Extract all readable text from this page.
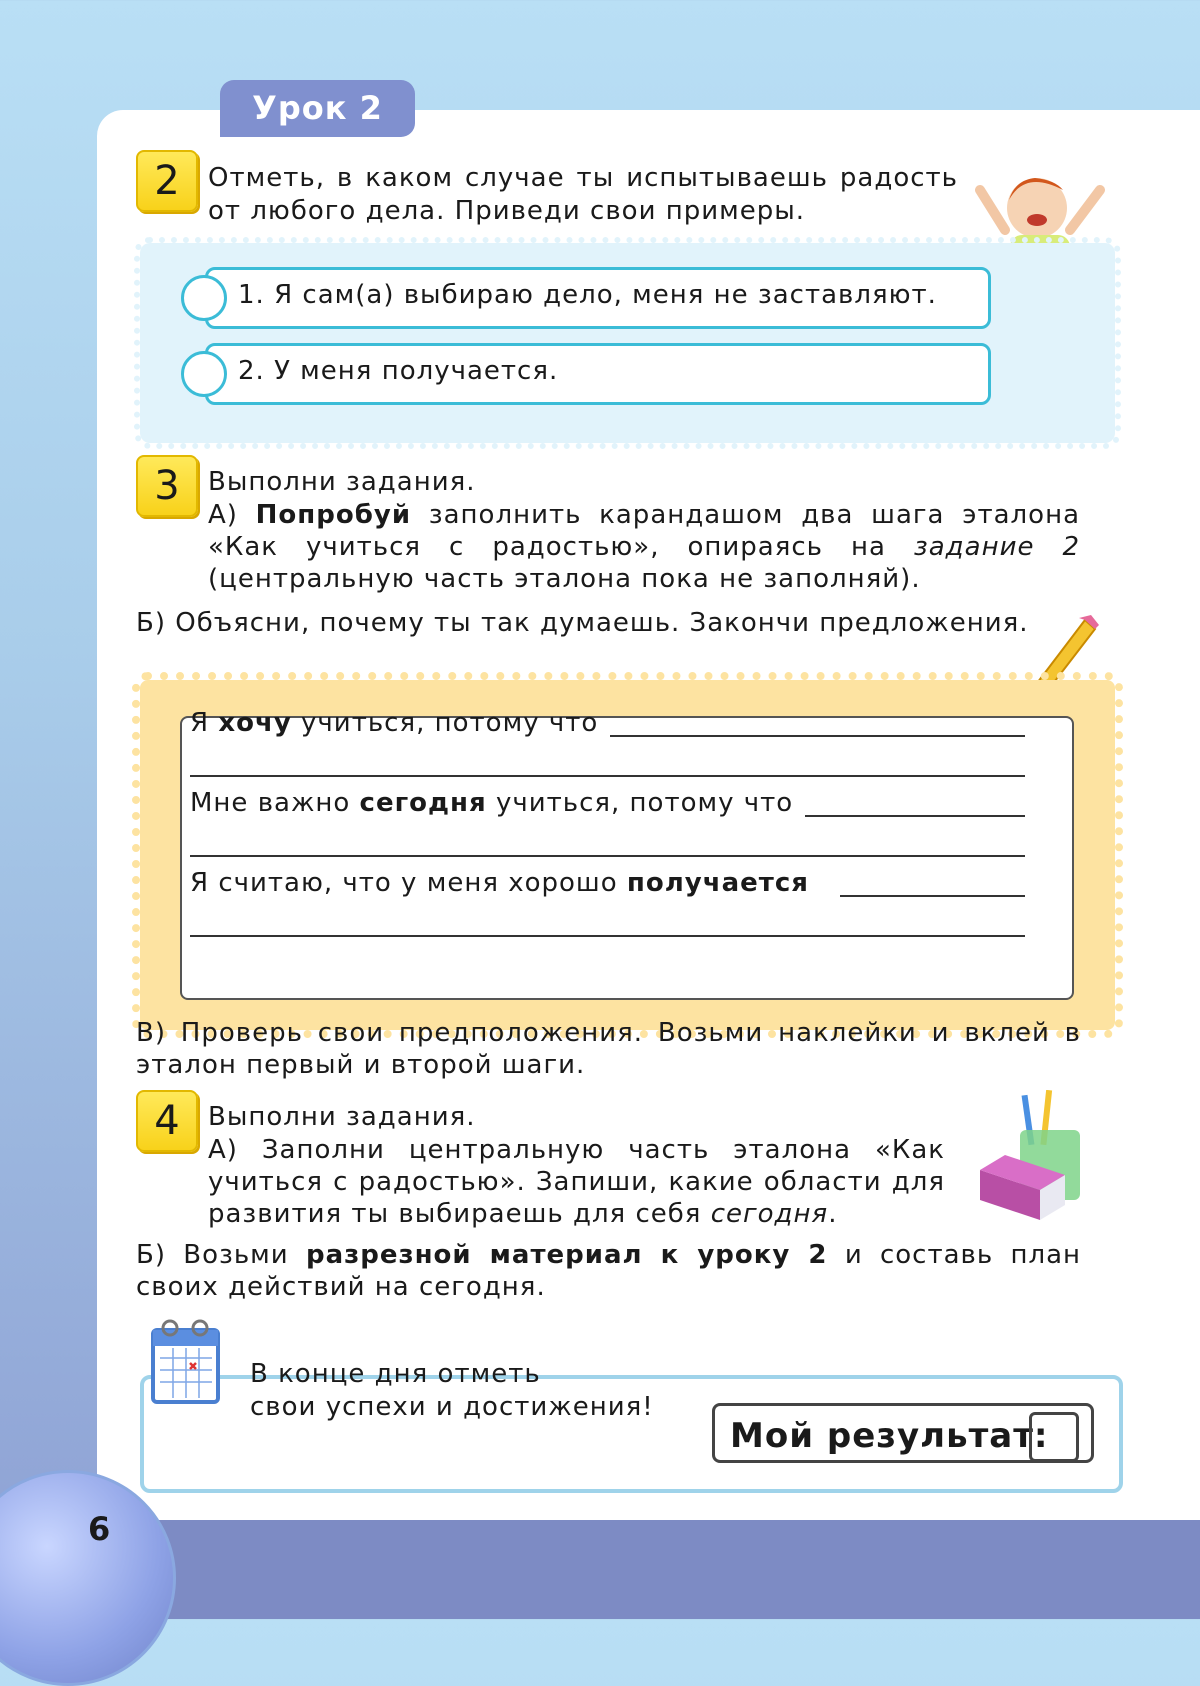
6
Урок 2
2	Отметь, в каком случае ты испытываешь радость
от любого дела. Приведи свои примеры.
1. Я сам(а) выбираю дело, меня не заставляют.
2. У меня получается.
3	Выполни задания.
А) Попробуй заполнить карандашом два шага эталона
«Как учиться с радостью», опираясь на задание 2
(центральную часть эталона пока не заполняй).
Б) Объясни, почему ты так думаешь. Закончи предложения.
Я хочу учиться, потому что
Мне важно сегодня учиться, потому что
Я считаю, что у меня хорошо получается
В) Проверь свои предположения. Возьми наклейки и вклей в
эталон первый и второй шаги.
4	Выполни задания.
А) Заполни центральную часть эталона «Как
учиться с радостью». Запиши, какие области для
развития ты выбираешь для себя сегодня.
Б) Возьми разрезной материал к уроку 2 и составь план
своих действий на сегодня.
В конце дня отметь
свои успехи и достижения!
Мой результат:
